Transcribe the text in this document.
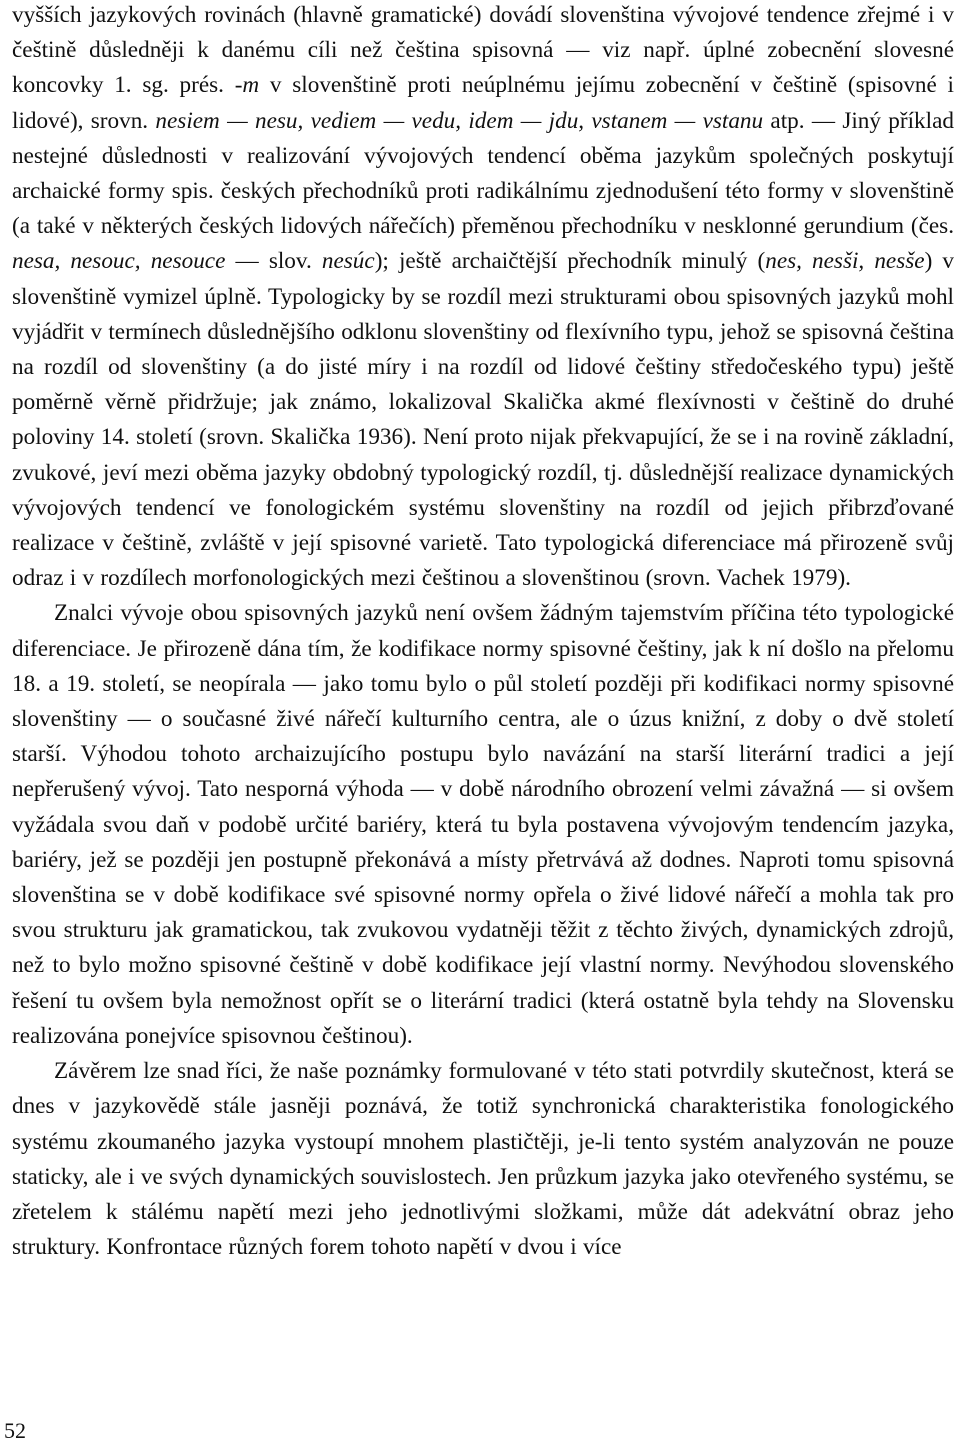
vyšších jazykových rovinách (hlavně gramatické) dovádí slovenština vývojové tendence zřejmé i v češtině důsledněji k danému cíli než čeština spisovná — viz např. úplné zobecnění slovesné koncovky 1. sg. prés. -m v slovenštině proti neúplnému jejímu zobecnění v češtině (spisovné i lidové), srovn. nesiem — nesu, vediem — vedu, idem — jdu, vstanem — vstanu atp. — Jiný příklad nestejné důslednosti v realizování vývojových tendencí oběma jazykům společných poskytují archaické formy spis. českých přechodníků proti radikálnímu zjednodušení této formy v slovenštině (a také v některých českých lidových nářečích) přeměnou přechodníku v nesklonné gerundium (čes. nesa, nesouc, nesouce — slov. nesúc); ještě archaičtější přechodník minulý (nes, nesši, nesše) v slovenštině vymizel úplně. Typologicky by se rozdíl mezi strukturami obou spisovných jazyků mohl vyjádřit v termínech důslednějšího odklonu slovenštiny od flexívního typu, jehož se spisovná čeština na rozdíl od slovenštiny (a do jisté míry i na rozdíl od lidové češtiny středočeského typu) ještě poměrně věrně přidržuje; jak známo, lokalizoval Skalička akmé flexívnosti v češtině do druhé poloviny 14. století (srovn. Skalička 1936). Není proto nijak překvapující, že se i na rovině základní, zvukové, jeví mezi oběma jazyky obdobný typologický rozdíl, tj. důslednější realizace dynamických vývojových tendencí ve fonologickém systému slovenštiny na rozdíl od jejich přibrzďované realizace v češtině, zvláště v její spisovné varietě. Tato typologická diferenciace má přirozeně svůj odraz i v rozdílech morfonologických mezi češtinou a slovenštinou (srovn. Vachek 1979).

Znalci vývoje obou spisovných jazyků není ovšem žádným tajemstvím příčina této typologické diferenciace. Je přirozeně dána tím, že kodifikace normy spisovné češtiny, jak k ní došlo na přelomu 18. a 19. století, se neopírala — jako tomu bylo o půl století později při kodifikaci normy spisovné slovenštiny — o současné živé nářečí kulturního centra, ale o úzus knižní, z doby o dvě století starší. Výhodou tohoto archaizujícího postupu bylo navázání na starší literární tradici a její nepřerušený vývoj. Tato nesporná výhoda — v době národního obrození velmi závažná — si ovšem vyžádala svou daň v podobě určité bariéry, která tu byla postavena vývojovým tendencím jazyka, bariéry, jež se později jen postupně překonává a místy přetrvává až dodnes. Naproti tomu spisovná slovenština se v době kodifikace své spisovné normy opřela o živé lidové nářečí a mohla tak pro svou strukturu jak gramatickou, tak zvukovou vydatněji těžit z těchto živých, dynamických zdrojů, než to bylo možno spisovné češtině v době kodifikace její vlastní normy. Nevýhodou slovenského řešení tu ovšem byla nemožnost opřít se o literární tradici (která ostatně byla tehdy na Slovensku realizována ponejvíce spisovnou češtinou).

Závěrem lze snad říci, že naše poznámky formulované v této stati potvrdily skutečnost, která se dnes v jazykovědě stále jasněji poznává, že totiž synchronická charakteristika fonologického systému zkoumaného jazyka vystoupí mnohem plastičtěji, je-li tento systém analyzován ne pouze staticky, ale i ve svých dynamických souvislostech. Jen průzkum jazyka jako otevřeného systému, se zřetelem k stálému napětí mezi jeho jednotlivými složkami, může dát adekvátní obraz jeho struktury. Konfrontace různých forem tohoto napětí v dvou i více

52
